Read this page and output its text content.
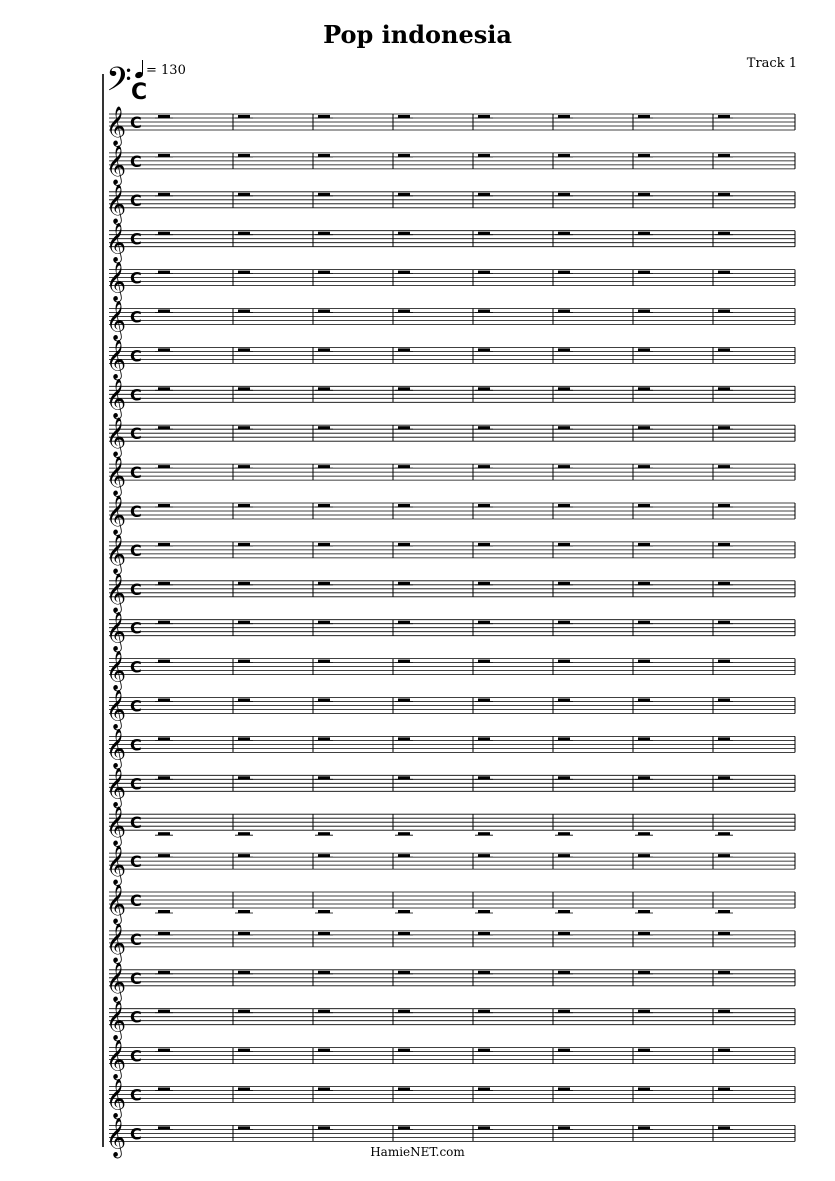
Pop indonesia
Track 1
= 130
𝄢 C
𝄞 C
𝄞 C
𝄞 C
𝄞 C
𝄞 C
𝄞 C
𝄞 C
𝄞 C
𝄞 C
𝄞 C
𝄞 C
𝄞 C
𝄞 C
𝄞 C
𝄞 C
𝄞 C
𝄞 C
𝄞 C
𝄞 C
𝄞 C
𝄞 C
𝄞 C
𝄞 C
𝄞 C
𝄞 C
𝄞 C
𝄞 C
HamieNET.com
